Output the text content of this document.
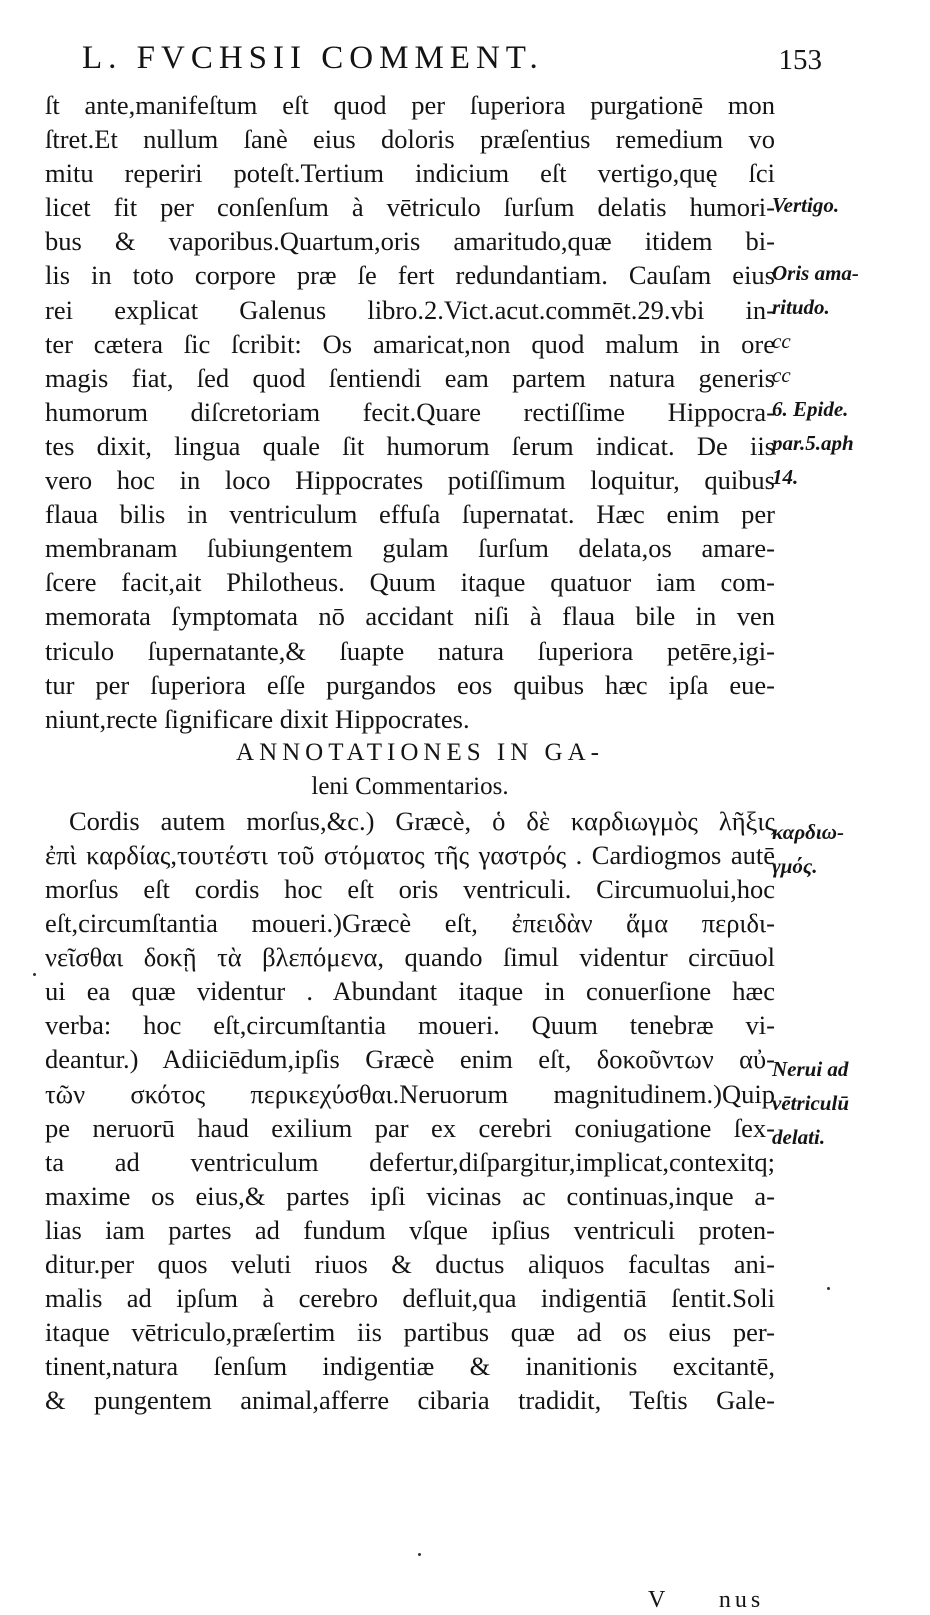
L. FVCHSII COMMENT.	153
ſt ante,manifeſtum eſt quod per ſuperiora purgationē mon
ſtret.Et nullum ſanè eius doloris præſentius remedium vo
mitu reperiri poteſt.Tertium indicium eſt vertigo,quę ſci
licet fit per conſenſum à vētriculo ſurſum delatis humori-
bus & vaporibus.Quartum,oris amaritudo,quæ itidem bi-
lis in toto corpore præ ſe fert redundantiam. Cauſam eius
rei explicat Galenus libro.2.Vict.acut.commēt.29.vbi in-
ter cætera ſic ſcribit: Os amaricat,non quod malum in ore
magis fiat, ſed quod ſentiendi eam partem natura generis
humorum diſcretoriam fecit.Quare rectiſſime Hippocra-
tes dixit, lingua quale ſit humorum ſerum indicat. De iis
vero hoc in loco Hippocrates potiſſimum loquitur, quibus
flaua bilis in ventriculum effuſa ſupernatat. Hæc enim per
membranam ſubiungentem gulam ſurſum delata,os amare-
ſcere facit,ait Philotheus. Quum itaque quatuor iam com-
memorata ſymptomata nō accidant niſi à flaua bile in ven
triculo ſupernatante,& ſuapte natura ſuperiora petēre,igi-
tur per ſuperiora eſſe purgandos eos quibus hæc ipſa eue-
niunt,recte ſignificare dixit Hippocrates.
ANNOTATIONES IN GA-
leni Commentarios.
Cordis autem morſus,&c.) Græcè, ὁ δὲ καρδιωγμὸς λῆξις
ἐπὶ καρδίας,τουτέστι τοῦ στόματος τῆς γαστρός . Cardiogmos autē
morſus eſt cordis hoc eſt oris ventriculi. Circumuolui,hoc
eſt,circumſtantia moueri.)Græcè eſt, ἐπειδὰν ἅμα περιδι-
νεῖσθαι δοκῇ τὰ βλεπόμενα, quando ſimul videntur circūuol
ui ea quæ videntur . Abundant itaque in conuerſione hæc
verba: hoc eſt,circumſtantia moueri. Quum tenebræ vi-
deantur.) Adiiciēdum,ipſis Græcè enim eſt, δοκοῦντων αὐ-
τῶν σκότος περικεχύσθαι.Neruorum magnitudinem.)Quip
pe neruorū haud exilium par ex cerebri coniugatione ſex-
ta ad ventriculum defertur,diſpargitur,implicat,contexitq;
maxime os eius,& partes ipſi vicinas ac continuas,inque a-
lias iam partes ad fundum vſque ipſius ventriculi proten-
ditur.per quos veluti riuos & ductus aliquos facultas ani-
malis ad ipſum à cerebro defluit,qua indigentiā ſentit.Soli
itaque vētriculo,præſertim iis partibus quæ ad os eius per-
tinent,natura ſenſum indigentiæ & inanitionis excitantē,
& pungentem animal,afferre cibaria tradidit, Teſtis Gale-
Vertigo.
Oris ama-
ritudo.
cc
cc
6. Epide.
par.5.aph
14.
καρδιω-
γμός.
Nerui ad
vētriculū
delati.
V nus
